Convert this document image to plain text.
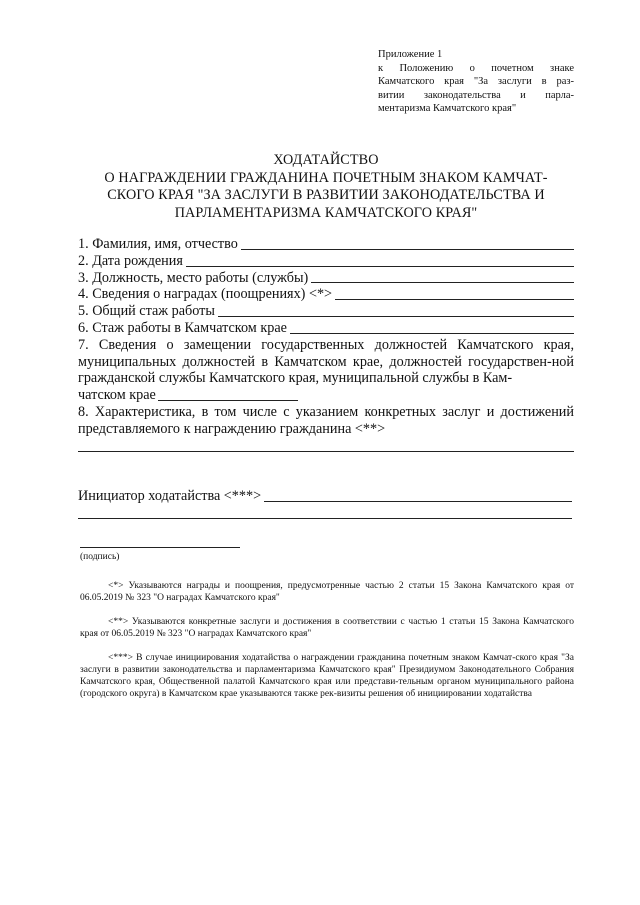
Приложение 1
к Положению о почетном знаке
Камчатского края "За заслуги в раз-
витии законодательства и парла-
ментаризма Камчатского края"
ХОДАТАЙСТВО
О НАГРАЖДЕНИИ ГРАЖДАНИНА ПОЧЕТНЫМ ЗНАКОМ КАМЧАТ-
СКОГО КРАЯ "ЗА ЗАСЛУГИ В РАЗВИТИИ ЗАКОНОДАТЕЛЬСТВА И
ПАРЛАМЕНТАРИЗМА КАМЧАТСКОГО КРАЯ"
1. Фамилия, имя, отчество
2. Дата рождения
3. Должность, место работы (службы)
4. Сведения о наградах (поощрениях) <*>
5. Общий стаж работы
6. Стаж работы в Камчатском крае
7. Сведения о замещении государственных должностей Камчатского края, муниципальных должностей в Камчатском крае, должностей государствен-ной гражданской службы Камчатского края, муниципальной службы в Кам-
чатском крае
8. Характеристика, в том числе с указанием конкретных заслуг и достижений представляемого к награждению гражданина <**>
Инициатор ходатайства <***>
(подпись)
<*> Указываются награды и поощрения, предусмотренные частью 2 статьи 15 Закона Камчатского края от 06.05.2019 № 323 "О наградах Камчатского края"
<**> Указываются конкретные заслуги и достижения в соответствии с частью 1 статьи 15 Закона Камчатского края от 06.05.2019 № 323 "О наградах Камчатского края"
<***> В случае инициирования ходатайства о награждении гражданина почетным знаком Камчат-ского края "За заслуги в развитии законодательства и парламентаризма Камчатского края" Президиумом Законодательного Собрания Камчатского края, Общественной палатой Камчатского края или представи-тельным органом муниципального района (городского округа) в Камчатском крае указываются также рек-визиты решения об инициировании ходатайства
